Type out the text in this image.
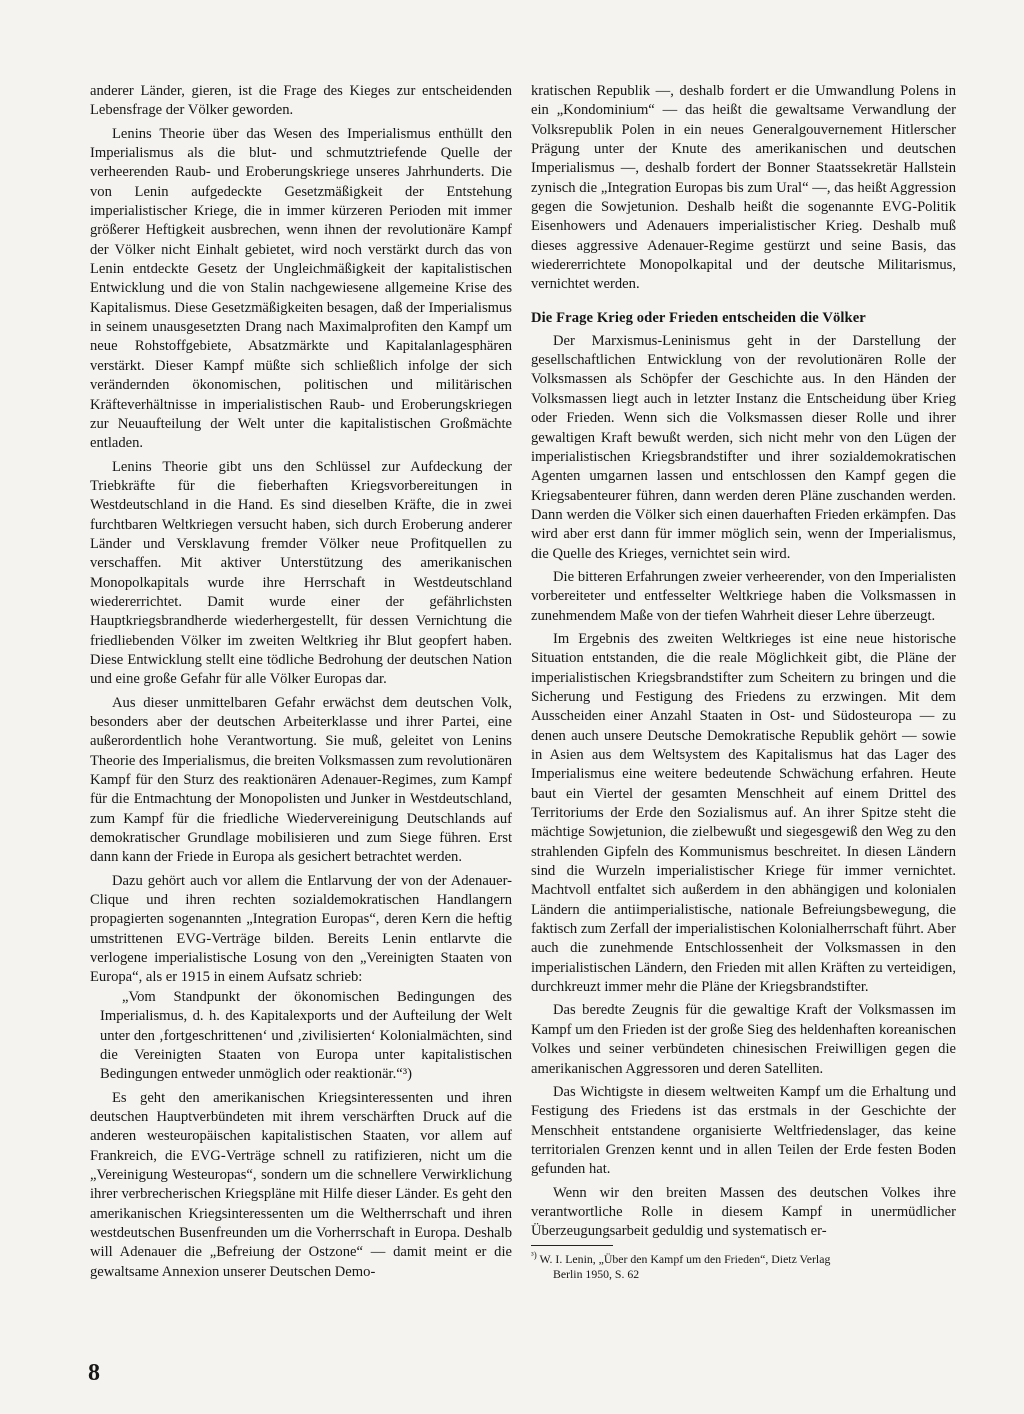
anderer Länder, gieren, ist die Frage des Kieges zur entscheidenden Lebensfrage der Völker geworden.

Lenins Theorie über das Wesen des Imperialismus enthüllt den Imperialismus als die blut- und schmutztriefende Quelle der verheerenden Raub- und Eroberungskriege unseres Jahrhunderts. Die von Lenin aufgedeckte Gesetzmäßigkeit der Entstehung imperialistischer Kriege, die in immer kürzeren Perioden mit immer größerer Heftigkeit ausbrechen, wenn ihnen der revolutionäre Kampf der Völker nicht Einhalt gebietet, wird noch verstärkt durch das von Lenin entdeckte Gesetz der Ungleichmäßigkeit der kapitalistischen Entwicklung und die von Stalin nachgewiesene allgemeine Krise des Kapitalismus. Diese Gesetzmäßigkeiten besagen, daß der Imperialismus in seinem unausgesetzten Drang nach Maximalprofiten den Kampf um neue Rohstoffgebiete, Absatzmärkte und Kapitalanlagesphären verstärkt. Dieser Kampf müßte sich schließlich infolge der sich verändernden ökonomischen, politischen und militärischen Kräfteverhältnisse in imperialistischen Raub- und Eroberungskriegen zur Neuaufteilung der Welt unter die kapitalistischen Großmächte entladen.

Lenins Theorie gibt uns den Schlüssel zur Aufdeckung der Triebkräfte für die fieberhaften Kriegsvorbereitungen in Westdeutschland in die Hand. Es sind dieselben Kräfte, die in zwei furchtbaren Weltkriegen versucht haben, sich durch Eroberung anderer Länder und Versklavung fremder Völker neue Profitquellen zu verschaffen. Mit aktiver Unterstützung des amerikanischen Monopolkapitals wurde ihre Herrschaft in Westdeutschland wiedererrichtet. Damit wurde einer der gefährlichsten Hauptkriegsbrandherde wiederhergestellt, für dessen Vernichtung die friedliebenden Völker im zweiten Weltkrieg ihr Blut geopfert haben. Diese Entwicklung stellt eine tödliche Bedrohung der deutschen Nation und eine große Gefahr für alle Völker Europas dar.

Aus dieser unmittelbaren Gefahr erwächst dem deutschen Volk, besonders aber der deutschen Arbeiterklasse und ihrer Partei, eine außerordentlich hohe Verantwortung. Sie muß, geleitet von Lenins Theorie des Imperialismus, die breiten Volksmassen zum revolutionären Kampf für den Sturz des reaktionären Adenauer-Regimes, zum Kampf für die Entmachtung der Monopolisten und Junker in Westdeutschland, zum Kampf für die friedliche Wiedervereinigung Deutschlands auf demokratischer Grundlage mobilisieren und zum Siege führen. Erst dann kann der Friede in Europa als gesichert betrachtet werden.

Dazu gehört auch vor allem die Entlarvung der von der Adenauer-Clique und ihren rechten sozialdemokratischen Handlangern propagierten sogenannten „Integration Europas“, deren Kern die heftig umstrittenen EVG-Verträge bilden. Bereits Lenin entlarvte die verlogene imperialistische Losung von den „Vereinigten Staaten von Europa“, als er 1915 in einem Aufsatz schrieb:

„Vom Standpunkt der ökonomischen Bedingungen des Imperialismus, d. h. des Kapitalexports und der Aufteilung der Welt unter den ‚fortgeschrittenen‘ und ‚zivilisierten‘ Kolonialmächten, sind die Vereinigten Staaten von Europa unter kapitalistischen Bedingungen entweder unmöglich oder reaktionär.“³)

Es geht den amerikanischen Kriegsinteressenten und ihren deutschen Hauptverbündeten mit ihrem verschärften Druck auf die anderen westeuropäischen kapitalistischen Staaten, vor allem auf Frankreich, die EVG-Verträge schnell zu ratifizieren, nicht um die „Vereinigung Westeuropas“, sondern um die schnellere Verwirklichung ihrer verbrecherischen Kriegspläne mit Hilfe dieser Länder. Es geht den amerikanischen Kriegsinteressenten um die Weltherrschaft und ihren westdeutschen Busenfreunden um die Vorherrschaft in Europa. Deshalb will Adenauer die „Befreiung der Ostzone“ — damit meint er die gewaltsame Annexion unserer Deutschen Demo-

kratischen Republik —, deshalb fordert er die Umwandlung Polens in ein „Kondominium“ — das heißt die gewaltsame Verwandlung der Volksrepublik Polen in ein neues Generalgouvernement Hitlerscher Prägung unter der Knute des amerikanischen und deutschen Imperialismus —, deshalb fordert der Bonner Staatssekretär Hallstein zynisch die „Integration Europas bis zum Ural“ —, das heißt Aggression gegen die Sowjetunion. Deshalb heißt die sogenannte EVG-Politik Eisenhowers und Adenauers imperialistischer Krieg. Deshalb muß dieses aggressive Adenauer-Regime gestürzt und seine Basis, das wiedererrichtete Monopolkapital und der deutsche Militarismus, vernichtet werden.

Die Frage Krieg oder Frieden entscheiden die Völker

Der Marxismus-Leninismus geht in der Darstellung der gesellschaftlichen Entwicklung von der revolutionären Rolle der Volksmassen als Schöpfer der Geschichte aus. In den Händen der Volksmassen liegt auch in letzter Instanz die Entscheidung über Krieg oder Frieden. Wenn sich die Volksmassen dieser Rolle und ihrer gewaltigen Kraft bewußt werden, sich nicht mehr von den Lügen der imperialistischen Kriegsbrandstifter und ihrer sozialdemokratischen Agenten umgarnen lassen und entschlossen den Kampf gegen die Kriegsabenteurer führen, dann werden deren Pläne zuschanden werden. Dann werden die Völker sich einen dauerhaften Frieden erkämpfen. Das wird aber erst dann für immer möglich sein, wenn der Imperialismus, die Quelle des Krieges, vernichtet sein wird.

Die bitteren Erfahrungen zweier verheerender, von den Imperialisten vorbereiteter und entfesselter Weltkriege haben die Volksmassen in zunehmendem Maße von der tiefen Wahrheit dieser Lehre überzeugt.

Im Ergebnis des zweiten Weltkrieges ist eine neue historische Situation entstanden, die die reale Möglichkeit gibt, die Pläne der imperialistischen Kriegsbrandstifter zum Scheitern zu bringen und die Sicherung und Festigung des Friedens zu erzwingen. Mit dem Ausscheiden einer Anzahl Staaten in Ost- und Südosteuropa — zu denen auch unsere Deutsche Demokratische Republik gehört — sowie in Asien aus dem Weltsystem des Kapitalismus hat das Lager des Imperialismus eine weitere bedeutende Schwächung erfahren. Heute baut ein Viertel der gesamten Menschheit auf einem Drittel des Territoriums der Erde den Sozialismus auf. An ihrer Spitze steht die mächtige Sowjetunion, die zielbewußt und siegesgewiß den Weg zu den strahlenden Gipfeln des Kommunismus beschreitet. In diesen Ländern sind die Wurzeln imperialistischer Kriege für immer vernichtet. Machtvoll entfaltet sich außerdem in den abhängigen und kolonialen Ländern die antiimperialistische, nationale Befreiungsbewegung, die faktisch zum Zerfall der imperialistischen Kolonialherrschaft führt. Aber auch die zunehmende Entschlossenheit der Volksmassen in den imperialistischen Ländern, den Frieden mit allen Kräften zu verteidigen, durchkreuzt immer mehr die Pläne der Kriegsbrandstifter.

Das beredte Zeugnis für die gewaltige Kraft der Volksmassen im Kampf um den Frieden ist der große Sieg des heldenhaften koreanischen Volkes und seiner verbündeten chinesischen Freiwilligen gegen die amerikanischen Aggressoren und deren Satelliten.

Das Wichtigste in diesem weltweiten Kampf um die Erhaltung und Festigung des Friedens ist das erstmals in der Geschichte der Menschheit entstandene organisierte Weltfriedenslager, das keine territorialen Grenzen kennt und in allen Teilen der Erde festen Boden gefunden hat.

Wenn wir den breiten Massen des deutschen Volkes ihre verantwortliche Rolle in diesem Kampf in unermüdlicher Überzeugungsarbeit geduldig und systematisch er-

$^{^3)}$ W. I. Lenin, „Über den Kampf um den Frieden“, Dietz Verlag
Berlin 1950, S. 62
8
